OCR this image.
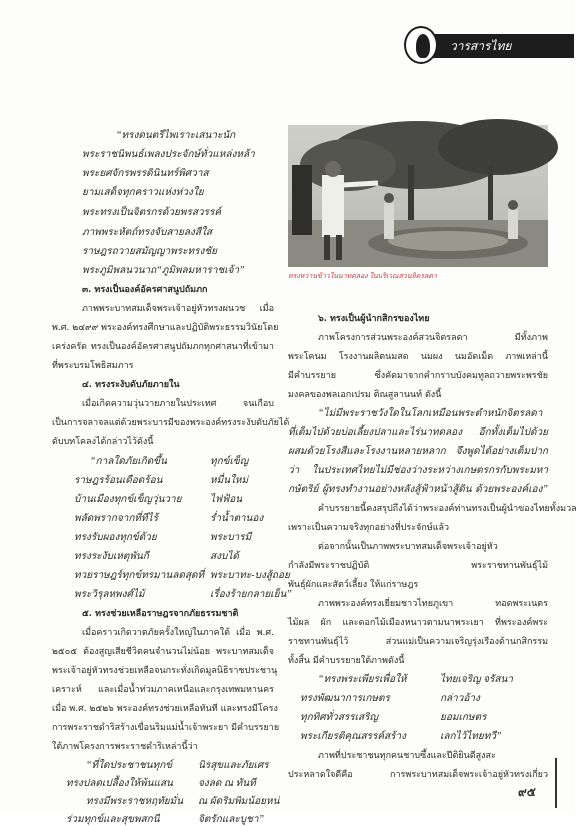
วารสารไทย
“ทรงดนตรีไพเราะเสนาะนัก
พระราชนิพนธ์เพลงประจักษ์ทั่วแหล่งหล้า
พระยศจักรพรรดินินทร์พิศวาส
ยามเสด็จทุกคราวแห่งห่วงใย
พระทรงเป็นจิตรกรด้วยพรสวรรค์
ภาพพระหัตถ์ทรงจับสายลงสีใส
ราษฎรถวายสมัญญาพระทรงชัย
พระภูมิพลนวนาถ“ภูมิพลมหาราชเจ้า”
๓. ทรงเป็นองค์อัครศาสนูปถัมภก
ภาพพระบาทสมเด็จพระเจ้าอยู่หัวทรงผนวช เมื่อ
พ.ศ. ๒๔๙๙ พระองค์ทรงศึกษาและปฏิบัติพระธรรมวินัยโดย
เคร่งครัด ทรงเป็นองค์อัครศาสนูปถัมภกทุกศาสนาที่เข้ามา
ที่พระบรมโพธิสมภาร
๔. ทรงระงับดับภัยภายใน
เมื่อเกิดความวุ่นวายภายในประเทศ จนเกือบ
เป็นการจลาจลแต่ด้วยพระบารมีของพระองค์ทรงระงับดับภัยได้
ดับบทโคลงได้กล่าวไว้ดังนี้
“กาลใดภัยเกิดขึ้น	ทุกข์เข็ญ
ราษฎรร้อนเดือดร้อน	หมื่นใหม่
บ้านเมืองทุกข์เข็ญวุ่นวาย	ไฟฟ้อน
พลัดพรากจากที่ทีไร้	ร่ำน้ำตานอง
ทรงรับผองทุกข์ด้วย	พระบารมี
ทรงระงับเหตุพันกี	สงบได้
ทวยราษฎร์ทุกข์ทรมานลดสุดที่ พระบาทะ-บงสู้ถอย
พระวิรุลหพงศ์ไม้	เรื่องร้ายกลายเย็น”
๕. ทรงช่วยเหลือราษฎรจากภัยธรรมชาติ
เมื่อคราวเกิดวาตภัยครั้งใหญ่ในภาคใต้ เมื่อ พ.ศ.
๒๕๐๕ ต้องสูญเสียชีวิตคนจำนวนไม่น้อย พระบาทสมเด็จ
พระเจ้าอยู่หัวทรงช่วยเหลือจนกระทั่งเกิดมูลนิธิราชประชานุ
เคราะห์ และเมื่อน้ำท่วมภาคเหนือและกรุงเทพมหานคร
เมื่อ พ.ศ. ๒๕๒๖ พระองค์ทรงช่วยเหลือทันที และทรงมีโครง
การพระราชดำริสร้างเขื่อนริมแม่น้ำเจ้าพระยา มีคำบรรยาย
ใต้ภาพโครงการพระราชดำริเหล่านี้ว่า
“ที่ใดประชาชนทุกข์	นิรสุขและภัยเศร
ทรงปลดเปลื้องให้พ้นแสน	จงลด ณ ทันที
ทรงมีพระราชหฤทัยมั่น ณ ผัดริมพิมน้อยหน่
ร่วมทุกข์และสุขพสกนี	จิตรักและบูชา”
ทรงหว่านข้าวในนาทดลอง ในบริเวณสวนจิตรลดา
๖. ทรงเป็นผู้นำกสิกรของไทย
ภาพโครงการส่วนพระองค์สวนจิตรลดา มีทั้งภาพ
พระโคนม โรงงานผลิตนมสด นมผง นมอัดเม็ด ภาพเหล่านี้
มีคำบรรยาย ซึ่งคัดมาจากคำกราบบังคมทูลถวายพระพรชัย
มงคลของพลเอกเปรม ติณสูลานนท์ ดังนี้
“ไม่มีพระราชวังใดในโลกเหมือนพระตำหนักจิตรลดา
ที่เต็มไปด้วยบ่อเลี้ยงปลาและไร่นาทดลอง อีกทั้งเต็มไปด้วย
ผสมด้วยโรงสีและโรงงานหลายหลาก จึงพูดได้อย่างเต็มปาก
ว่า ในประเทศไทยไม่มีช่องว่างระหว่างเกษตรกรกับพระมหา
กษัตริย์ ผู้ทรงทำงานอย่างหลังสู้ฟ้าหน้าสู้ดิน ด้วยพระองค์เอง”
คำบรรยายนี้คงสรุปถึงได้ว่าพระองค์ท่านทรงเป็นผู้นำของไทยทั้งมวล
เพราะเป็นความจริงทุกอย่างที่ประจักษ์แล้ว
ต่อจากนั้นเป็นภาพพระบาทสมเด็จพระเจ้าอยู่หัว
กำลังมีพระราชปฏิบัติ พระราชทานพันธุ์ไม้
พันธุ์ผักและสัตว์เลี้ยง ให้แก่ราษฎร
ภาพพระองค์ทรงเยี่ยมชาวไทยภูเขา ทอดพระเนตร
ไม้ผล ผัก และดอกไม้เมืองหนาวตามนาพระเยา ที่พระองค์พระ
ราชทานพันธุ์ไว้ ส่วนแม่เป็นความเจริญรุ่งเรืองด้านกสิกรรม
ทั้งสิ้น มีคำบรรยายใต้ภาพดังนี้
“ทรงพระเพียรเพื่อให้	ไทยเจริญ จรัสนา
ทรงพัฒนาการเกษตร	กล่าวอ้าง
ทุกทิศทั่วสรรเสริญ	ยอมเกษตร
พระเกียรติคุณสรรค์สร้าง	เลกไว้ไทยทวี”
ภาพที่ประชาชนทุกคนชาบซึ้งและปีติยินดีสูงสะ
ประหลาดใจดีคือ การพระบาทสมเด็จพระเจ้าอยู่หัวทรงเกี่ยว
๙๕
